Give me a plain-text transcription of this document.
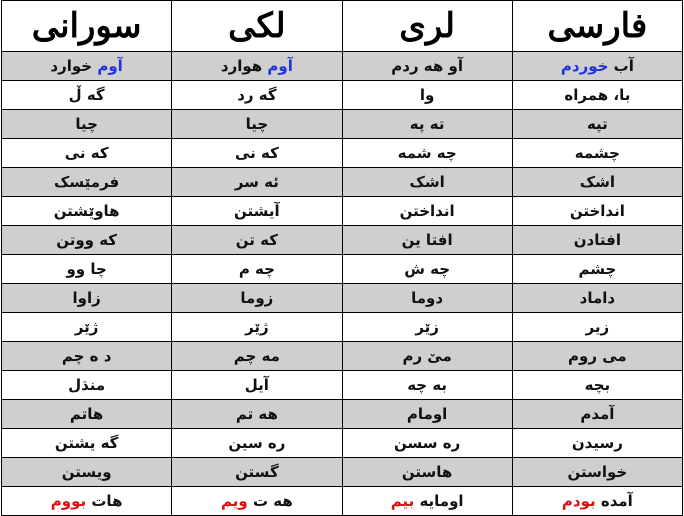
فارسی	لری	لکی	سورانی
آب خوردم	آو هه ردم	آوم هوارد	آوم خوارد
با، همراه	وا	گه رد	گه ڵ
تپه	ته په	چیا	چیا
چشمه	چه شمه	که نی	که نی
اشک	اشک	ئه سر	فرمێسک
انداختن	انداختن	آیشتن	هاوێشتن
افتادن	افتا ین	که تن	که ووتن
چشم	چه ش	چه م	چا وو
داماد	دوما	زوما	زاوا
زیر	زێر	ژێر	ژێر
می روم	مێ رم	مه چم	د ه چم
بچه	به چه	آیل	منڌل
آمدم	اومام	هه تم	هاتم
رسیدن	ره سسن	ره سین	گه یشتن
خواستن	هاستن	گستن	ویستن
آمده بودم	اومایه بیم	هه ت ویم	هات بووم
